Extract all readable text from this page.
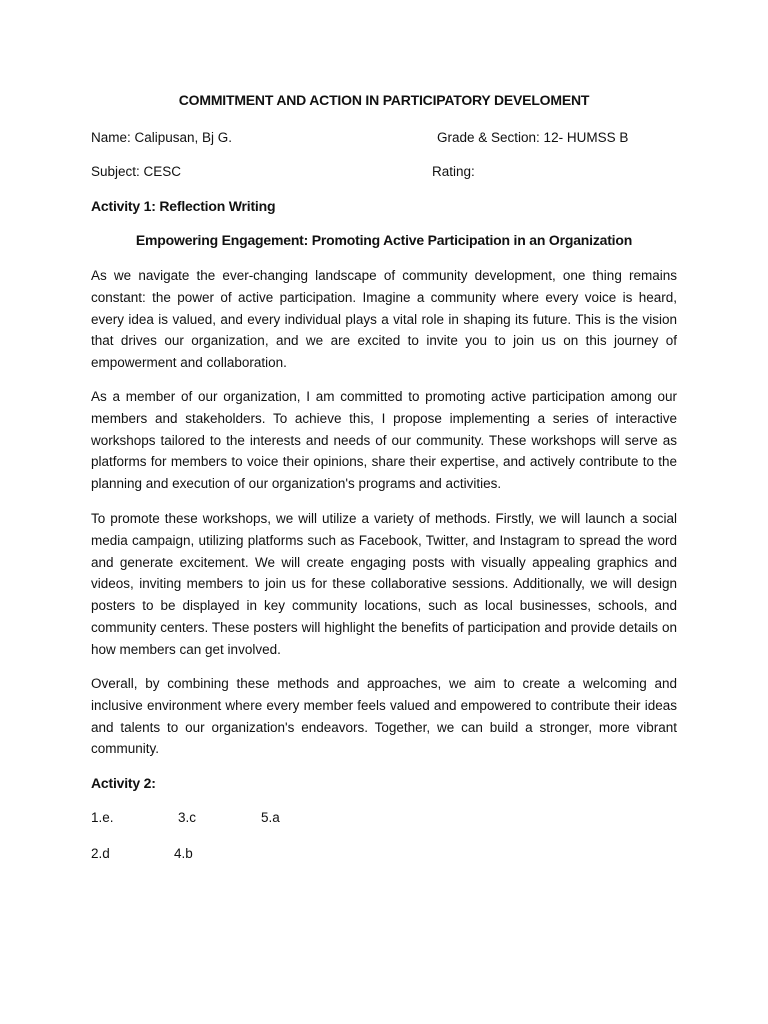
COMMITMENT AND ACTION IN PARTICIPATORY DEVELOMENT
Name: Calipusan, Bj G.	Grade & Section: 12- HUMSS B
Subject: CESC	Rating:
Activity 1: Reflection Writing
Empowering Engagement: Promoting Active Participation in an Organization

As we navigate the ever-changing landscape of community development, one thing remains constant: the power of active participation. Imagine a community where every voice is heard, every idea is valued, and every individual plays a vital role in shaping its future. This is the vision that drives our organization, and we are excited to invite you to join us on this journey of empowerment and collaboration.

As a member of our organization, I am committed to promoting active participation among our members and stakeholders. To achieve this, I propose implementing a series of interactive workshops tailored to the interests and needs of our community. These workshops will serve as platforms for members to voice their opinions, share their expertise, and actively contribute to the planning and execution of our organization's programs and activities.

To promote these workshops, we will utilize a variety of methods. Firstly, we will launch a social media campaign, utilizing platforms such as Facebook, Twitter, and Instagram to spread the word and generate excitement. We will create engaging posts with visually appealing graphics and videos, inviting members to join us for these collaborative sessions. Additionally, we will design posters to be displayed in key community locations, such as local businesses, schools, and community centers. These posters will highlight the benefits of participation and provide details on how members can get involved.

Overall, by combining these methods and approaches, we aim to create a welcoming and inclusive environment where every member feels valued and empowered to contribute their ideas and talents to our organization's endeavors. Together, we can build a stronger, more vibrant community.

Activity 2:
1.e.	3.c	5.a
2.d	4.b
